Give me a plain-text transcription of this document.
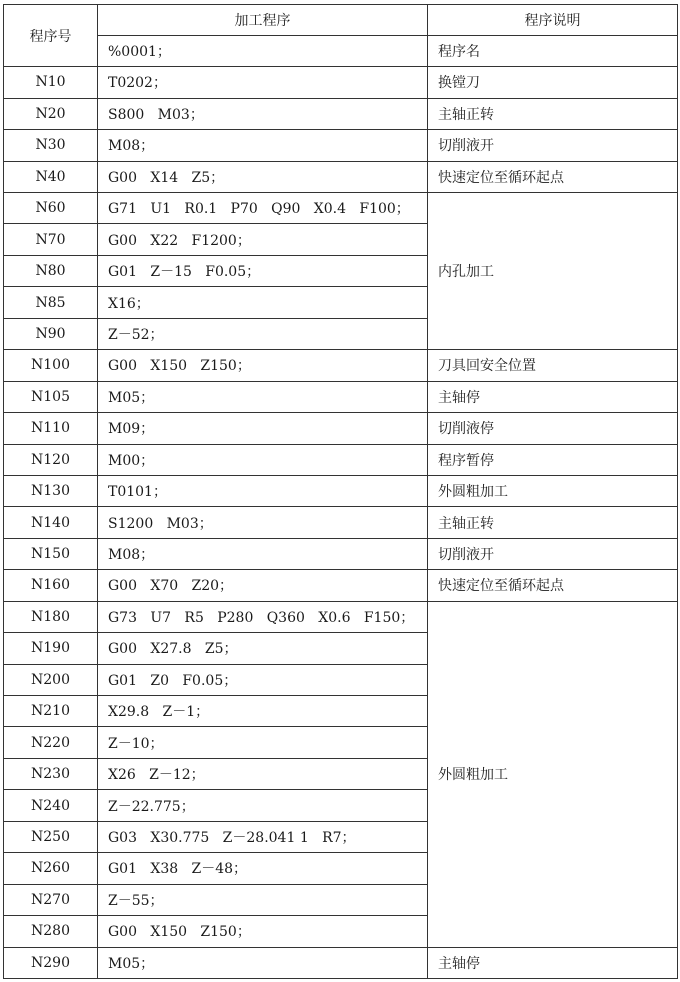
程序号	加工程序	程序说明
	%0001；	程序名
N10	T0202；	换镗刀
N20	S800   M03；	主轴正转
N30	M08；	切削液开
N40	G00   X14   Z5；	快速定位至循环起点
N60	G71   U1   R0.1   P70   Q90   X0.4   F100；	内孔加工
N70	G00   X22   F1200；	
N80	G01   Z－15   F0.05；	
N85	X16；	
N90	Z－52；	
N100	G00   X150   Z150；	刀具回安全位置
N105	M05；	主轴停
N110	M09；	切削液停
N120	M00；	程序暂停
N130	T0101；	外圆粗加工
N140	S1200   M03；	主轴正转
N150	M08；	切削液开
N160	G00   X70   Z20；	快速定位至循环起点
N180	G73   U7   R5   P280   Q360   X0.6   F150；	外圆粗加工
N190	G00   X27.8   Z5；	
N200	G01   Z0   F0.05；	
N210	X29.8   Z－1；	
N220	Z－10；	
N230	X26   Z－12；	
N240	Z－22.775；	
N250	G03   X30.775   Z－28.041 1   R7；	
N260	G01   X38   Z－48；	
N270	Z－55；	
N280	G00   X150   Z150；	
N290	M05；	主轴停
